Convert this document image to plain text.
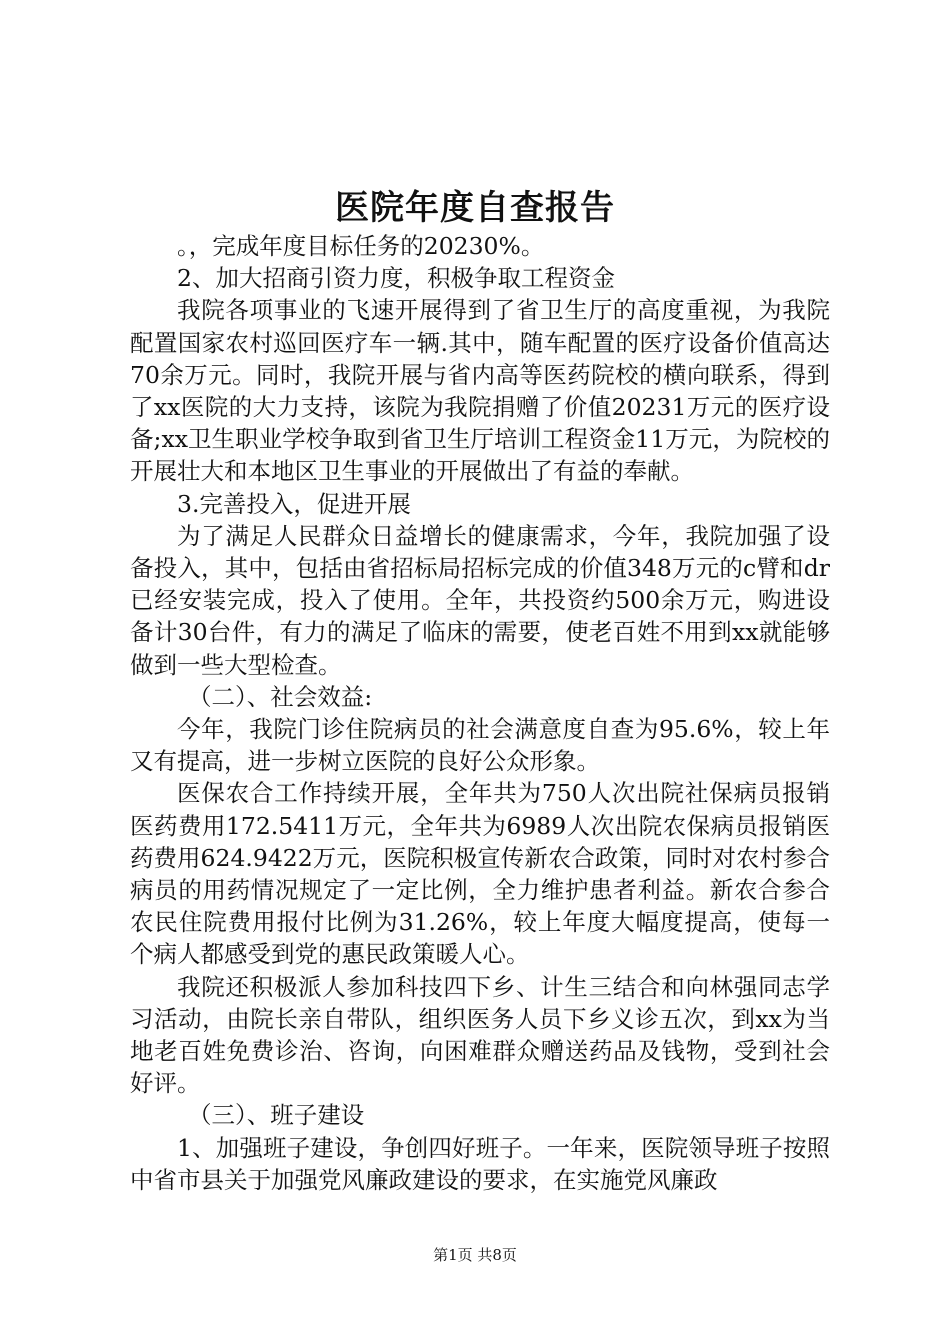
医院年度自查报告

。，完成年度目标任务的20230%。

2、加大招商引资力度，积极争取工程资金

我院各项事业的飞速开展得到了省卫生厅的高度重视，为我院配置国家农村巡回医疗车一辆.其中，随车配置的医疗设备价值高达70余万元。同时，我院开展与省内高等医药院校的横向联系，得到了xx医院的大力支持，该院为我院捐赠了价值20231万元的医疗设备;xx卫生职业学校争取到省卫生厅培训工程资金11万元，为院校的开展壮大和本地区卫生事业的开展做出了有益的奉献。

3.完善投入，促进开展

为了满足人民群众日益增长的健康需求，今年，我院加强了设备投入，其中，包括由省招标局招标完成的价值348万元的c臂和dr已经安装完成，投入了使用。全年，共投资约500余万元，购进设备计30台件，有力的满足了临床的需要，使老百姓不用到xx就能够做到一些大型检查。

（二）、社会效益:

今年，我院门诊住院病员的社会满意度自查为95.6%，较上年又有提高，进一步树立医院的良好公众形象。

医保农合工作持续开展，全年共为750人次出院社保病员报销医药费用172.5411万元，全年共为6989人次出院农保病员报销医药费用624.9422万元，医院积极宣传新农合政策，同时对农村参合病员的用药情况规定了一定比例，全力维护患者利益。新农合参合农民住院费用报付比例为31.26%，较上年度大幅度提高，使每一个病人都感受到党的惠民政策暖人心。

我院还积极派人参加科技四下乡、计生三结合和向林强同志学习活动，由院长亲自带队，组织医务人员下乡义诊五次，到xx为当地老百姓免费诊治、咨询，向困难群众赠送药品及钱物，受到社会好评。

（三）、班子建设

1、加强班子建设，争创四好班子。一年来，医院领导班子按照中省市县关于加强党风廉政建设的要求，在实施党风廉政

第1页 共8页
